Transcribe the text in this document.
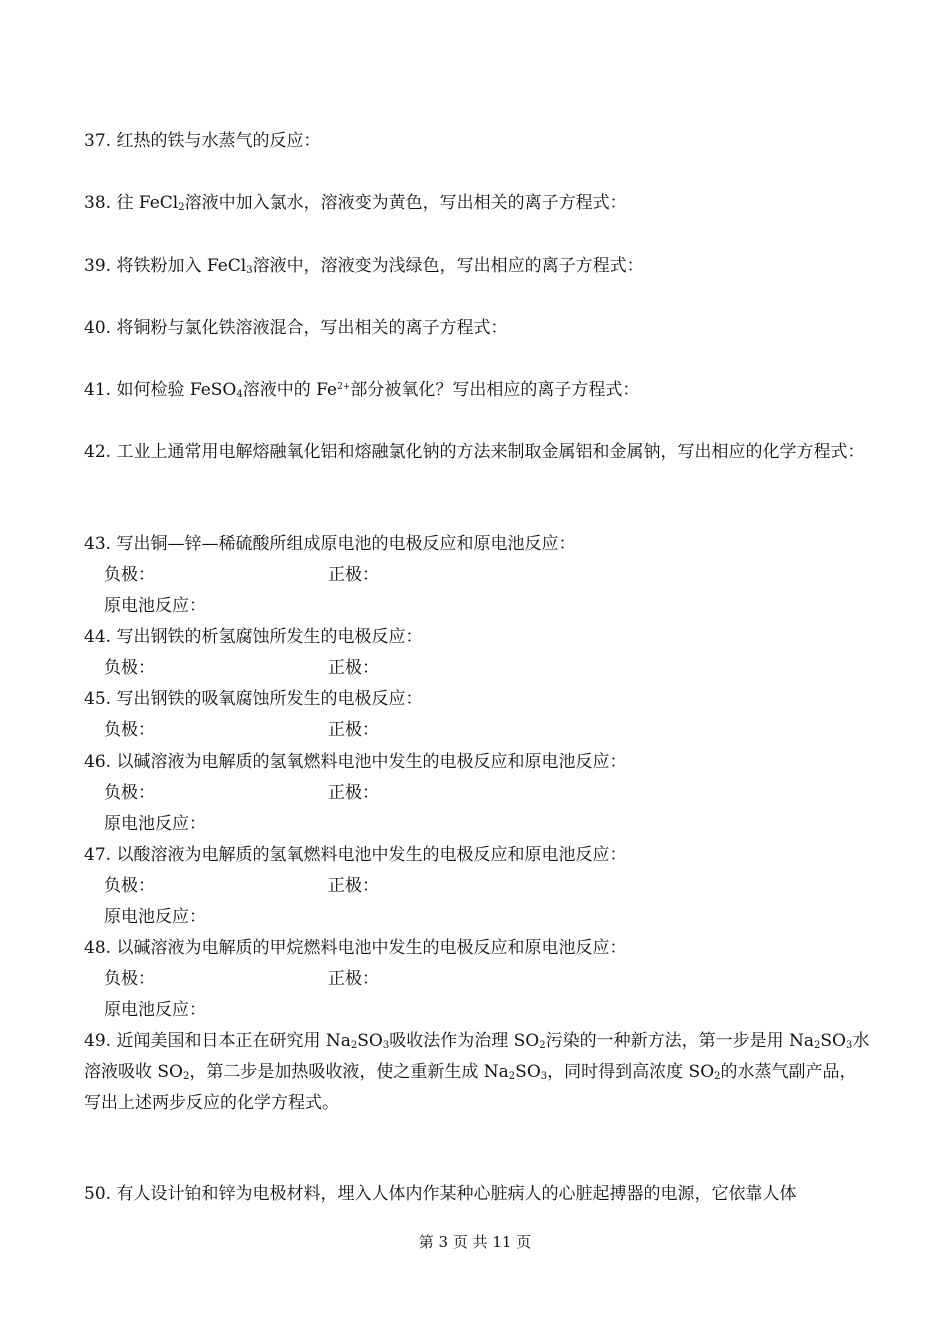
37. 红热的铁与水蒸气的反应：
38. 往 FeCl$_2$溶液中加入氯水，溶液变为黄色，写出相关的离子方程式：
39. 将铁粉加入 FeCl$_3$溶液中，溶液变为浅绿色，写出相应的离子方程式：
40. 将铜粉与氯化铁溶液混合，写出相关的离子方程式：
41. 如何检验 FeSO$_4$溶液中的 $Fe^{2+}$部分被氧化？写出相应的离子方程式：
42. 工业上通常用电解熔融氧化铝和熔融氯化钠的方法来制取金属铝和金属钠，写出相应的化学方程式：
43. 写出铜—锌—稀硫酸所组成原电池的电极反应和原电池反应：
负极：	正极：
原电池反应：
44. 写出钢铁的析氢腐蚀所发生的电极反应：
负极：	正极：
45. 写出钢铁的吸氧腐蚀所发生的电极反应：
负极：	正极：
46. 以碱溶液为电解质的氢氧燃料电池中发生的电极反应和原电池反应：
负极：	正极：
原电池反应：
47. 以酸溶液为电解质的氢氧燃料电池中发生的电极反应和原电池反应：
负极：	正极：
原电池反应：
48. 以碱溶液为电解质的甲烷燃料电池中发生的电极反应和原电池反应：
负极：	正极：
原电池反应：
49. 近闻美国和日本正在研究用 $Na_2SO_3$吸收法作为治理 $SO_2$污染的一种新方法，第一步是用 $Na_2SO_3$水溶液吸收 $SO_2$，第二步是加热吸收液，使之重新生成 $Na_2SO_3$，同时得到高浓度 $SO_2$的水蒸气副产品，写出上述两步反应的化学方程式。
50. 有人设计铂和锌为电极材料，埋入人体内作某种心脏病人的心脏起搏器的电源，它依靠人体
第 3 页 共 11 页
